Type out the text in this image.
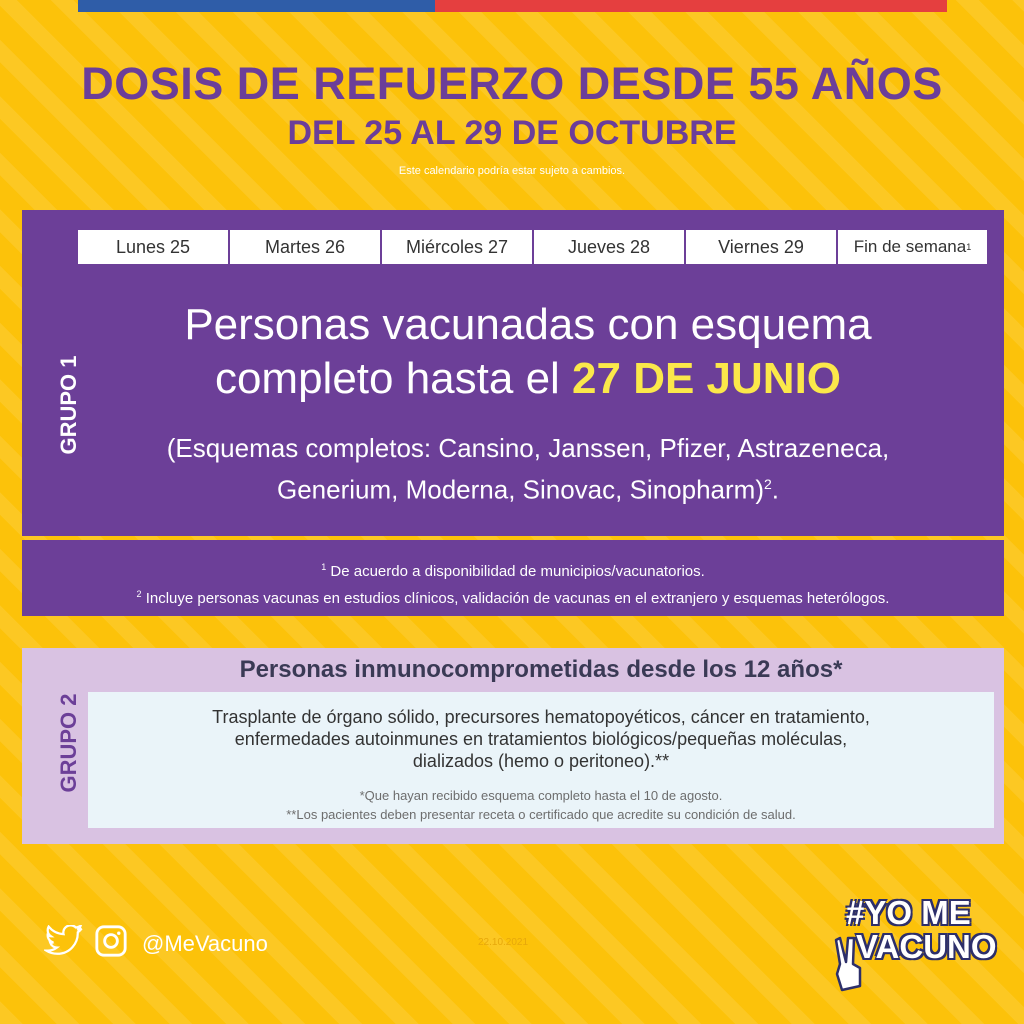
DOSIS DE REFUERZO DESDE 55 AÑOS
DEL 25 AL 29 DE OCTUBRE
Este calendario podría estar sujeto a cambios.
GRUPO 1
Lunes 25	Martes 26	Miércoles 27	Jueves 28	Viernes 29	Fin de semana 1
Personas vacunadas con esquema
completo hasta el 27 DE JUNIO
(Esquemas completos: Cansino, Janssen, Pfizer, Astrazeneca,
Generium, Moderna, Sinovac, Sinopharm)$^2$.
$^1$ De acuerdo a disponibilidad de municipios/vacunatorios.
$^2$ Incluye personas vacunas en estudios clínicos, validación de vacunas en el extranjero y esquemas heterólogos.
GRUPO 2
Personas inmunocomprometidas desde los 12 años*
Trasplante de órgano sólido, precursores hematopoyéticos, cáncer en tratamiento,
enfermedades autoinmunes en tratamientos biológicos/pequeñas moléculas,
dializados (hemo o peritoneo).**
*Que hayan recibido esquema completo hasta el 10 de agosto.
**Los pacientes deben presentar receta o certificado que acredite su condición de salud.
@MeVacuno	22.10.2021
#YO ME
VACUNO
